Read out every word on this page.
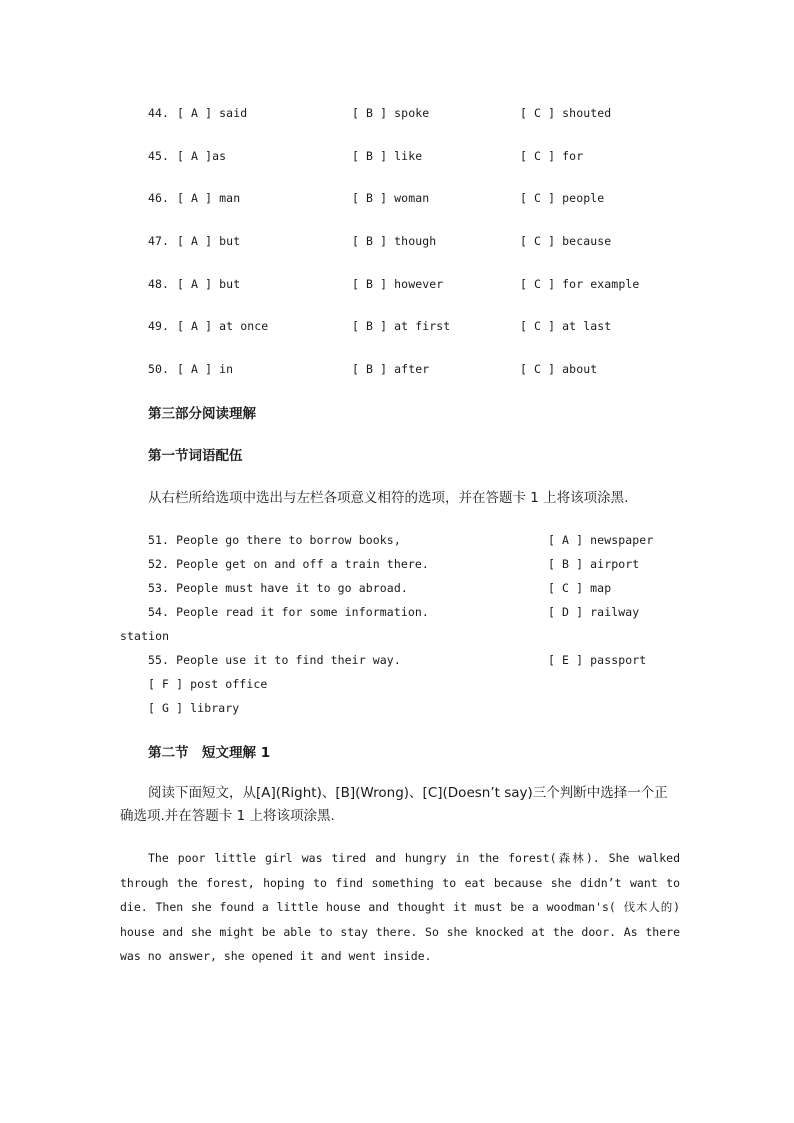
44. [ A ] said	[ B ] spoke	[ C ] shouted
45. [ A ]as	[ B ] like	[ C ] for
46. [ A ] man	[ B ] woman	[ C ] people
47. [ A ] but	[ B ] though	[ C ] because
48. [ A ] but	[ B ] however	[ C ] for example
49. [ A ] at once	[ B ] at first	[ C ] at last
50. [ A ] in	[ B ] after	[ C ] about
第三部分阅读理解
第一节词语配伍
从右栏所给选项中选出与左栏各项意义相符的选项，并在答题卡 1 上将该项涂黑.
51. People go there to borrow books,	[ A ] newspaper
52. People get on and off a train there.	[ B ] airport
53. People must have it to go abroad.	[ C ] map
54. People read it for some information.	[ D ] railway
station
55. People use it to find their way.	[ E ] passport
[ F ] post office
[ G ] library
第二节　短文理解 1
阅读下面短文，从[A](Right)、[B](Wrong)、[C](Doesn’t say)三个判断中选择一个正确选项.并在答题卡 1 上将该项涂黑.
The poor little girl was tired and hungry in the forest(森林). She walked through the forest, hoping to find something to eat because she didn’t want to die. Then she found a little house and thought it must be a woodman's( 伐木人的) house and she might be able to stay there. So she knocked at the door. As there was no answer, she opened it and went inside.
